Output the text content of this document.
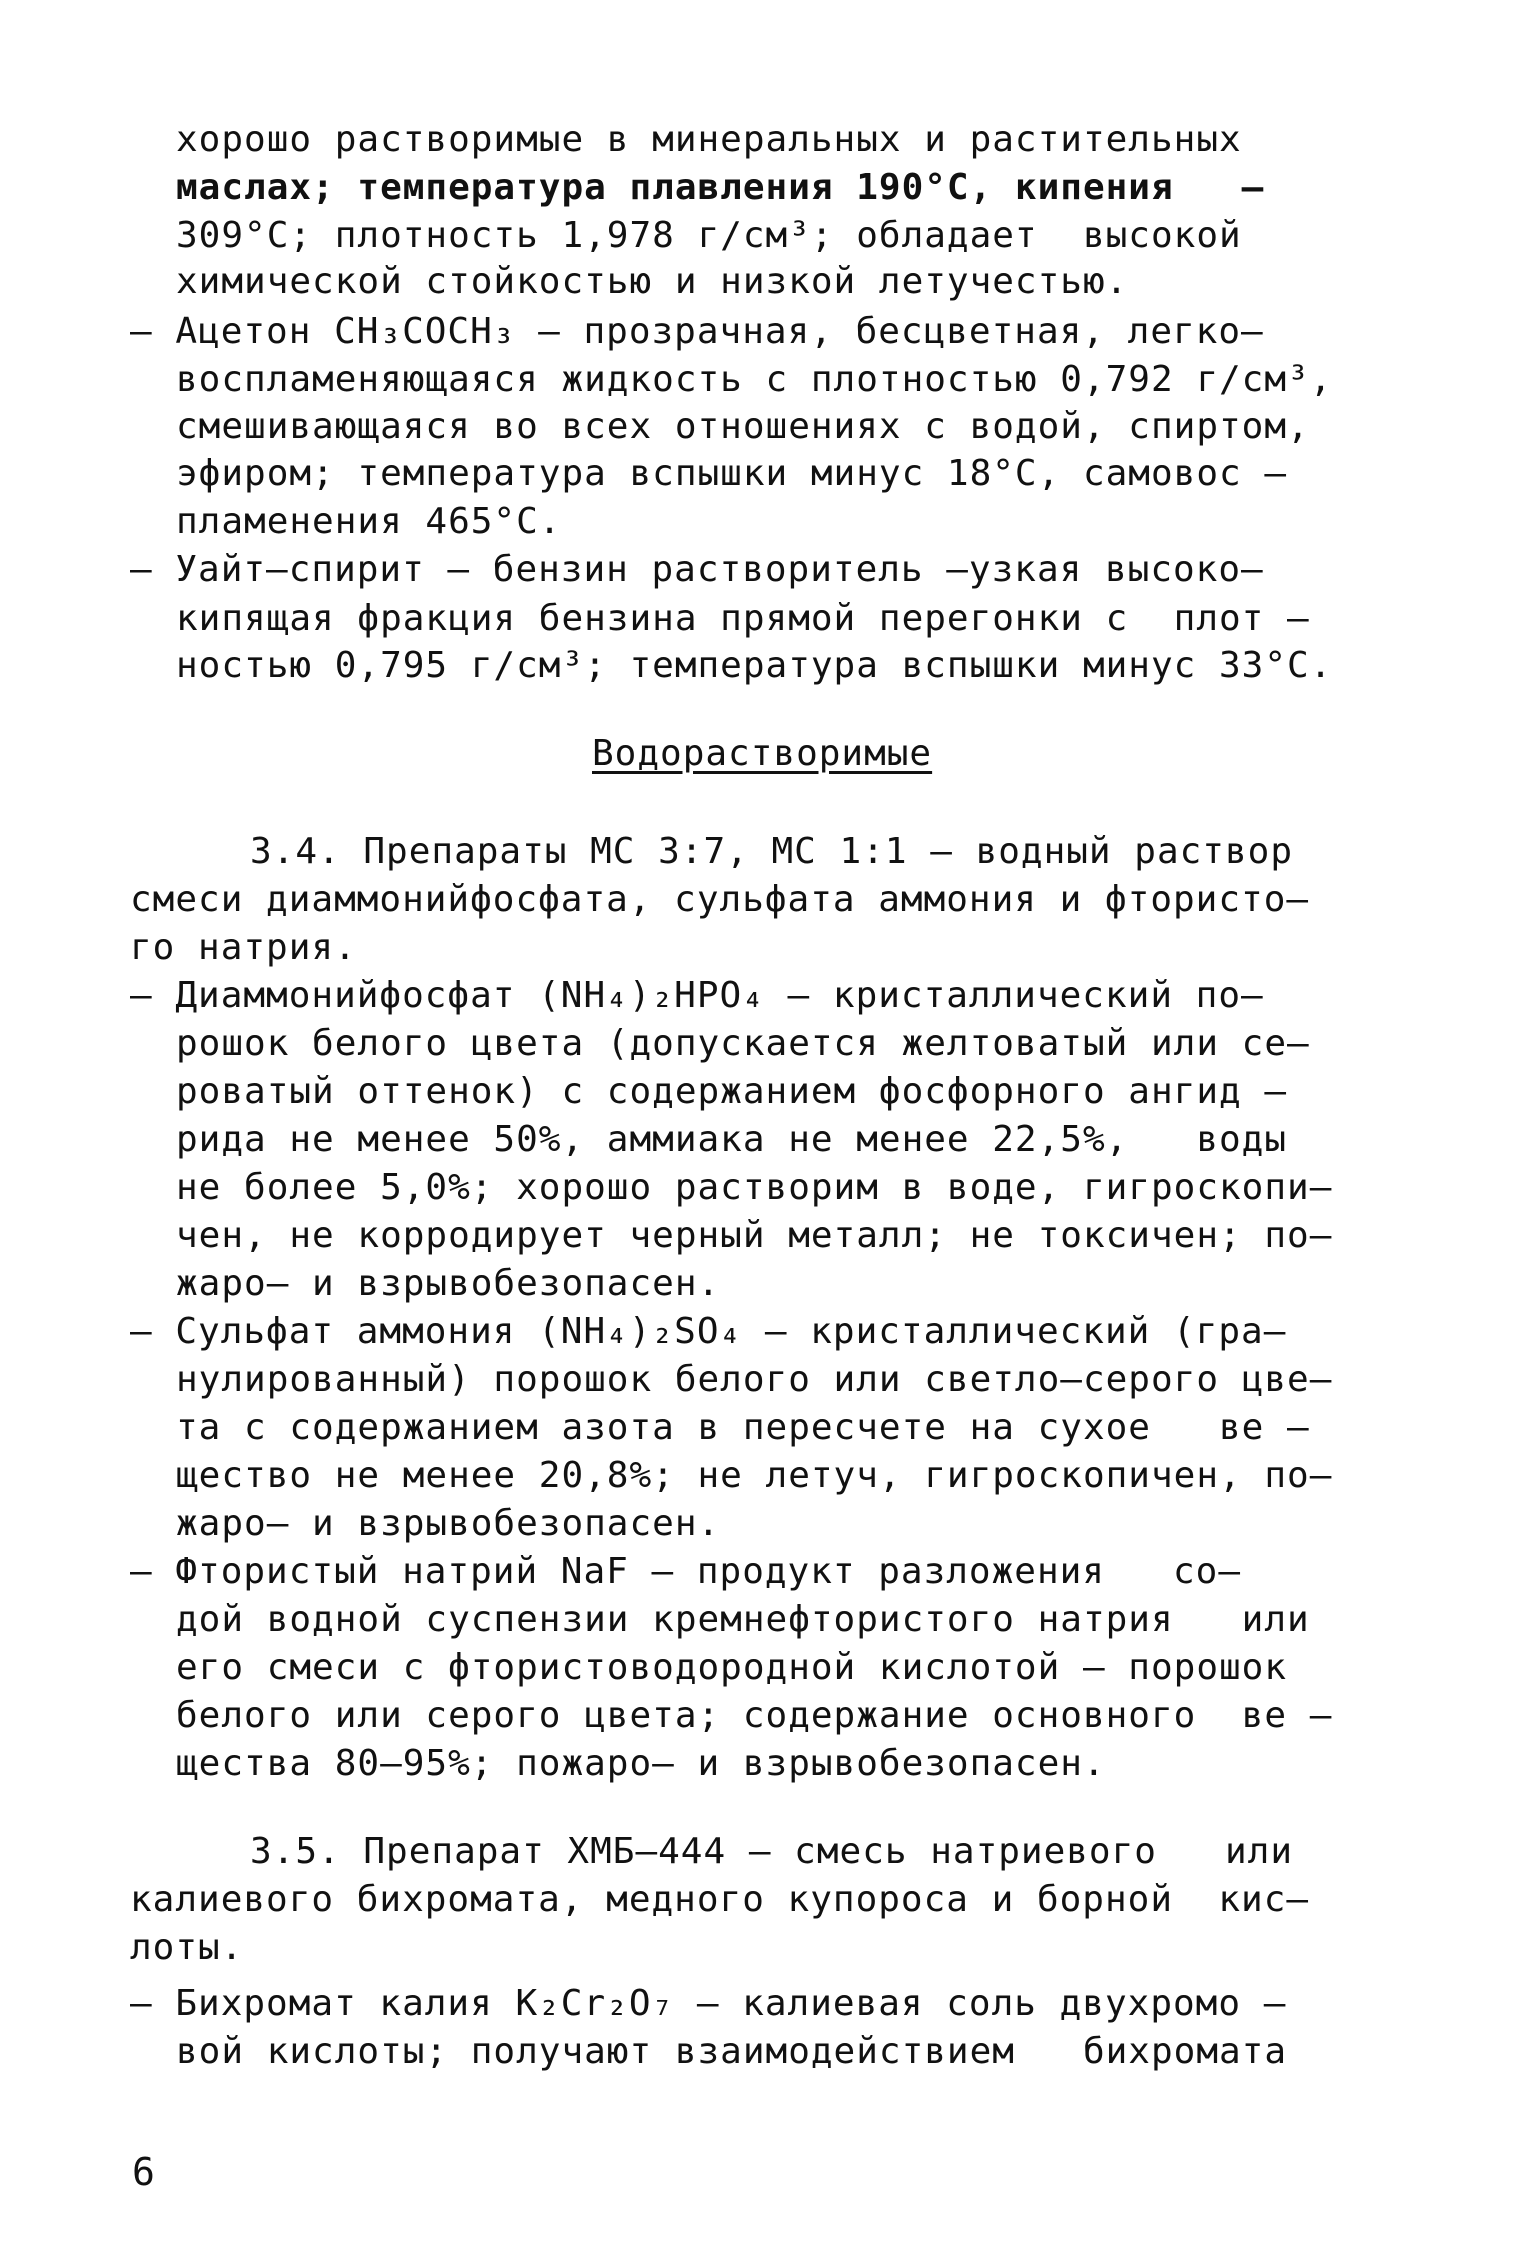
хорошо растворимые в минеральных и растительных
маслах; температура плавления 190°С, кипения   –
309°С; плотность 1,978 г/см³; обладает  высокой
химической стойкостью и низкой летучестью.
– Ацетон СН₃СОСН₃ – прозрачная, бесцветная, легко–
воспламеняющаяся жидкость с плотностью 0,792 г/см³,
смешивающаяся во всех отношениях с водой, спиртом,
эфиром; температура вспышки минус 18°С, самовос –
пламенения 465°С.
– Уайт–спирит – бензин растворитель –узкая высоко–
кипящая фракция бензина прямой перегонки с  плот –
ностью 0,795 г/см³; температура вспышки минус 33°С.
Водорастворимые
3.4. Препараты МС 3:7, МС 1:1 – водный раствор
смеси диаммонийфосфата, сульфата аммония и фтористо–
го натрия.
– Диаммонийфосфат (NH₄)₂НРО₄ – кристаллический по–
рошок белого цвета (допускается желтоватый или се–
роватый оттенок) с содержанием фосфорного ангид –
рида не менее 50%, аммиака не менее 22,5%,   воды
не более 5,0%; хорошо растворим в воде, гигроскопи–
чен, не корродирует черный металл; не токсичен; по–
жаро– и взрывобезопасен.
– Сульфат аммония (NH₄)₂SO₄ – кристаллический (гра–
нулированный) порошок белого или светло–серого цве–
та с содержанием азота в пересчете на сухое   ве –
щество не менее 20,8%; не летуч, гигроскопичен, по–
жаро– и взрывобезопасен.
– Фтористый натрий NaF – продукт разложения   со–
дой водной суспензии кремнефтористого натрия   или
его смеси с фтористоводородной кислотой – порошок
белого или серого цвета; содержание основного  ве –
щества 80–95%; пожаро– и взрывобезопасен.
3.5. Препарат ХМБ–444 – смесь натриевого   или
калиевого бихромата, медного купороса и борной  кис–
лоты.
– Бихромат калия K₂Cr₂O₇ – калиевая соль двухромо –
вой кислоты; получают взаимодействием   бихромата
6
